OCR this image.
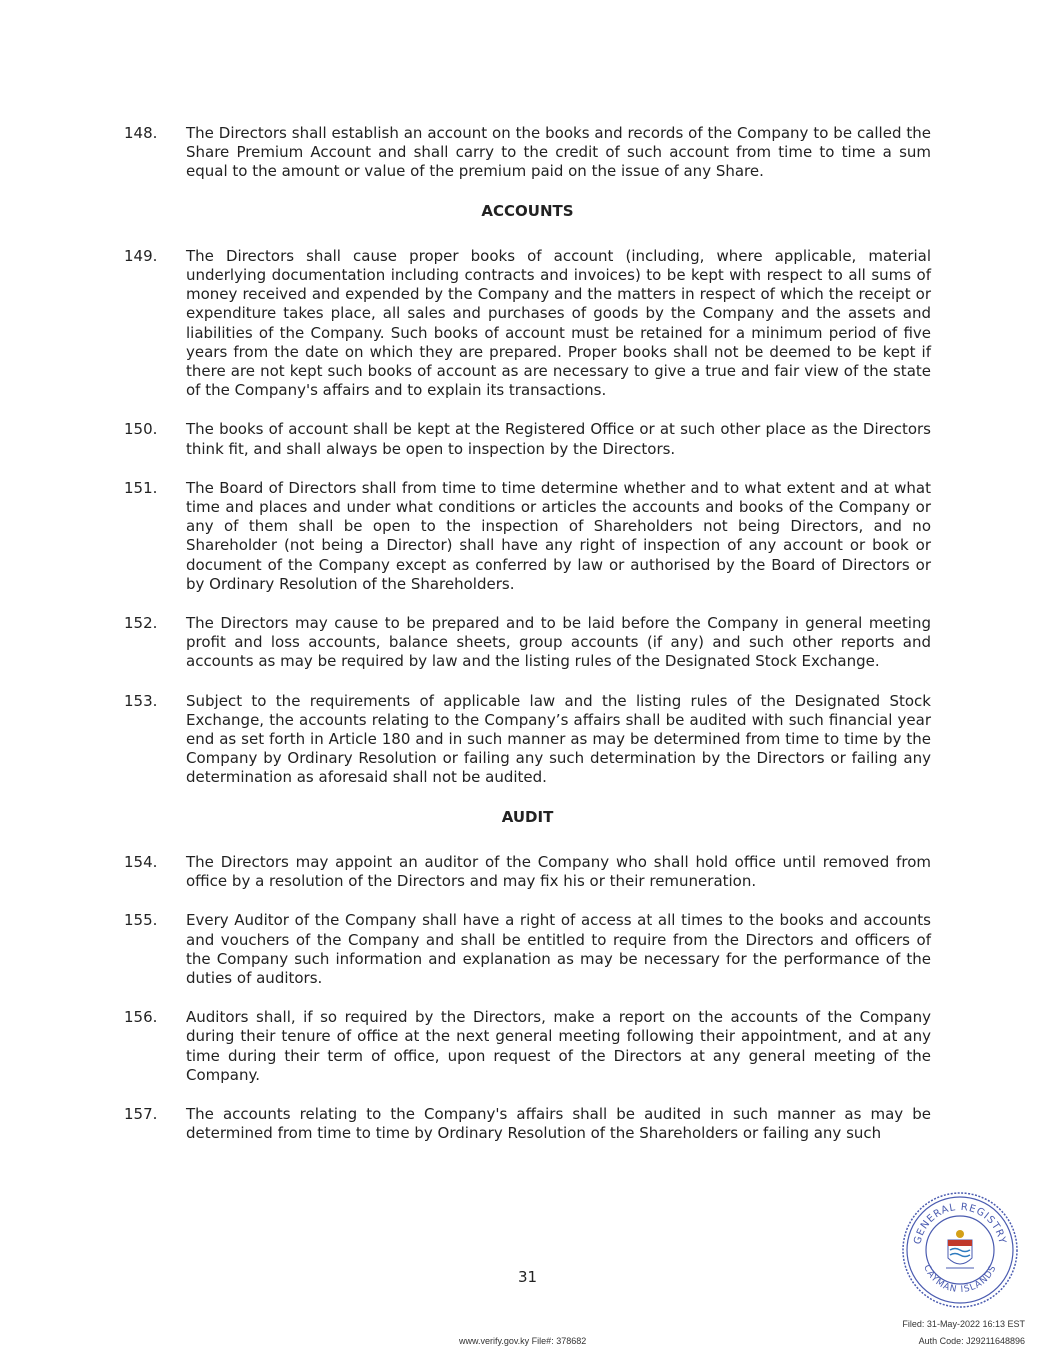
148.	The Directors shall establish an account on the books and records of the Company to be called the Share Premium Account and shall carry to the credit of such account from time to time a sum equal to the amount or value of the premium paid on the issue of any Share.
ACCOUNTS
149.	The Directors shall cause proper books of account (including, where applicable, material underlying documentation including contracts and invoices) to be kept with respect to all sums of money received and expended by the Company and the matters in respect of which the receipt or expenditure takes place, all sales and purchases of goods by the Company and the assets and liabilities of the Company. Such books of account must be retained for a minimum period of five years from the date on which they are prepared. Proper books shall not be deemed to be kept if there are not kept such books of account as are necessary to give a true and fair view of the state of the Company's affairs and to explain its transactions.
150.	The books of account shall be kept at the Registered Office or at such other place as the Directors think fit, and shall always be open to inspection by the Directors.
151.	The Board of Directors shall from time to time determine whether and to what extent and at what time and places and under what conditions or articles the accounts and books of the Company or any of them shall be open to the inspection of Shareholders not being Directors, and no Shareholder (not being a Director) shall have any right of inspection of any account or book or document of the Company except as conferred by law or authorised by the Board of Directors or by Ordinary Resolution of the Shareholders.
152.	The Directors may cause to be prepared and to be laid before the Company in general meeting profit and loss accounts, balance sheets, group accounts (if any) and such other reports and accounts as may be required by law and the listing rules of the Designated Stock Exchange.
153.	Subject to the requirements of applicable law and the listing rules of the Designated Stock Exchange, the accounts relating to the Company’s affairs shall be audited with such financial year end as set forth in Article 180 and in such manner as may be determined from time to time by the Company by Ordinary Resolution or failing any such determination by the Directors or failing any determination as aforesaid shall not be audited.
AUDIT
154.	The Directors may appoint an auditor of the Company who shall hold office until removed from office by a resolution of the Directors and may fix his or their remuneration.
155.	Every Auditor of the Company shall have a right of access at all times to the books and accounts and vouchers of the Company and shall be entitled to require from the Directors and officers of the Company such information and explanation as may be necessary for the performance of the duties of auditors.
156.	Auditors shall, if so required by the Directors, make a report on the accounts of the Company during their tenure of office at the next general meeting following their appointment, and at any time during their term of office, upon request of the Directors at any general meeting of the Company.
157.	The accounts relating to the Company's affairs shall be audited in such manner as may be determined from time to time by Ordinary Resolution of the Shareholders or failing any such
31
GENERAL REGISTRY
CAYMAN ISLANDS
www.verify.gov.ky File#: 378682
Filed: 31-May-2022 16:13 EST
Auth Code: J29211648896
